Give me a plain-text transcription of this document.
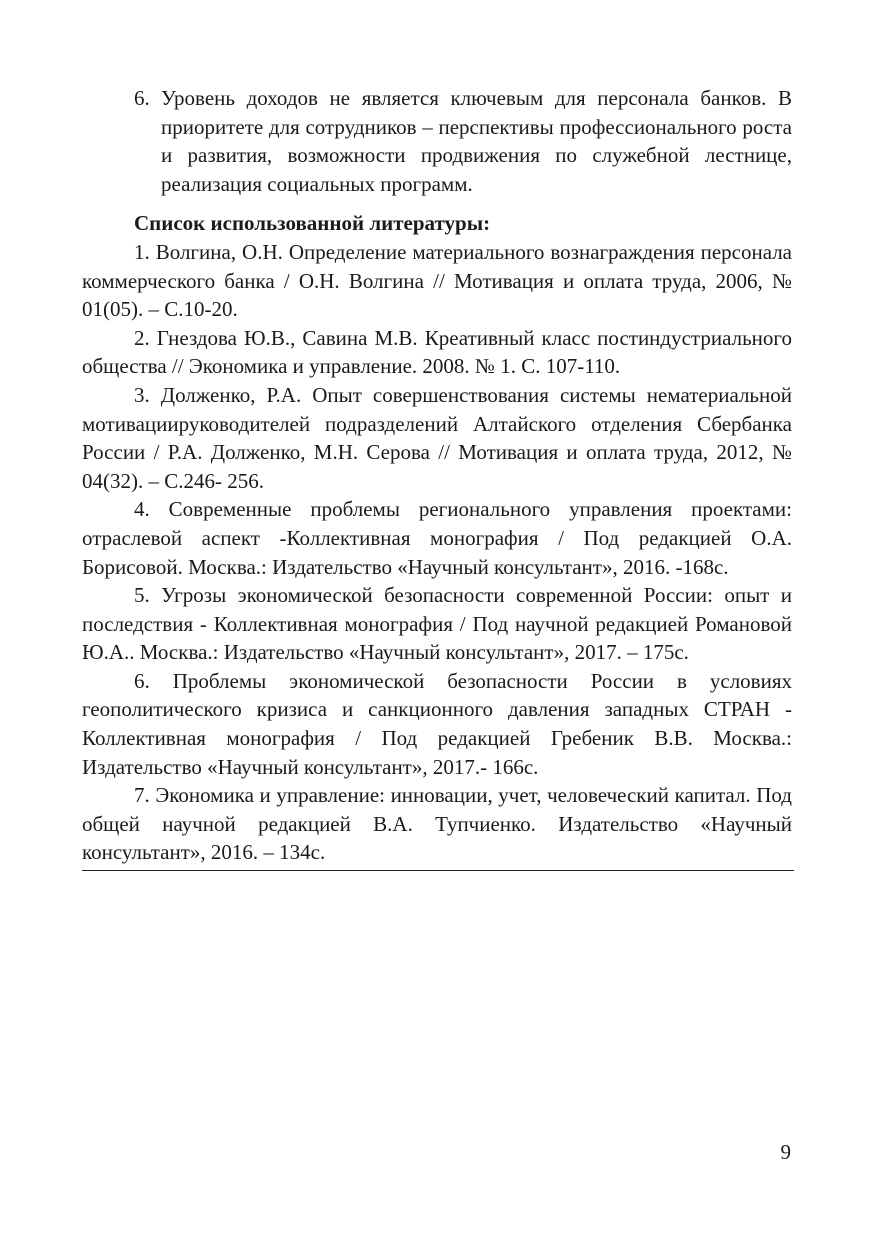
6. Уровень доходов не является ключевым для персонала банков. В приоритете для сотрудников – перспективы профессионального роста и развития, возможности продвижения по служебной лестнице, реализация социальных программ.
Список использованной литературы:

1. Волгина, О.Н. Определение материального вознаграждения персонала коммерческого банка / О.Н. Волгина // Мотивация и оплата труда, 2006, № 01(05). – С.10-20.

2. Гнездова Ю.В., Савина М.В. Креативный класс постиндустриального общества // Экономика и управление. 2008. № 1. С. 107-110.

3. Долженко, Р.А. Опыт совершенствования системы нематериальной мотивациируководителей подразделений Алтайского отделения Сбербанка России / Р.А. Долженко, М.Н. Серова // Мотивация и оплата труда, 2012, № 04(32). – С.246- 256.

4. Современные проблемы регионального управления проектами: отраслевой аспект -Коллективная монография / Под редакцией О.А. Борисовой. Москва.: Издательство «Научный консультант», 2016. -168с.

5. Угрозы экономической безопасности современной России: опыт и последствия - Коллективная монография / Под научной редакцией Романовой Ю.А.. Москва.: Издательство «Научный консультант», 2017. – 175с.

6. Проблемы экономической безопасности России в условиях геополитического кризиса и санкционного давления западных СТРАН - Коллективная монография / Под редакцией Гребеник В.В. Москва.: Издательство «Научный консультант», 2017.- 166с.

7. Экономика и управление: инновации, учет, человеческий капитал. Под общей научной редакцией В.А. Тупчиенко. Издательство «Научный консультант», 2016. – 134с.

9
